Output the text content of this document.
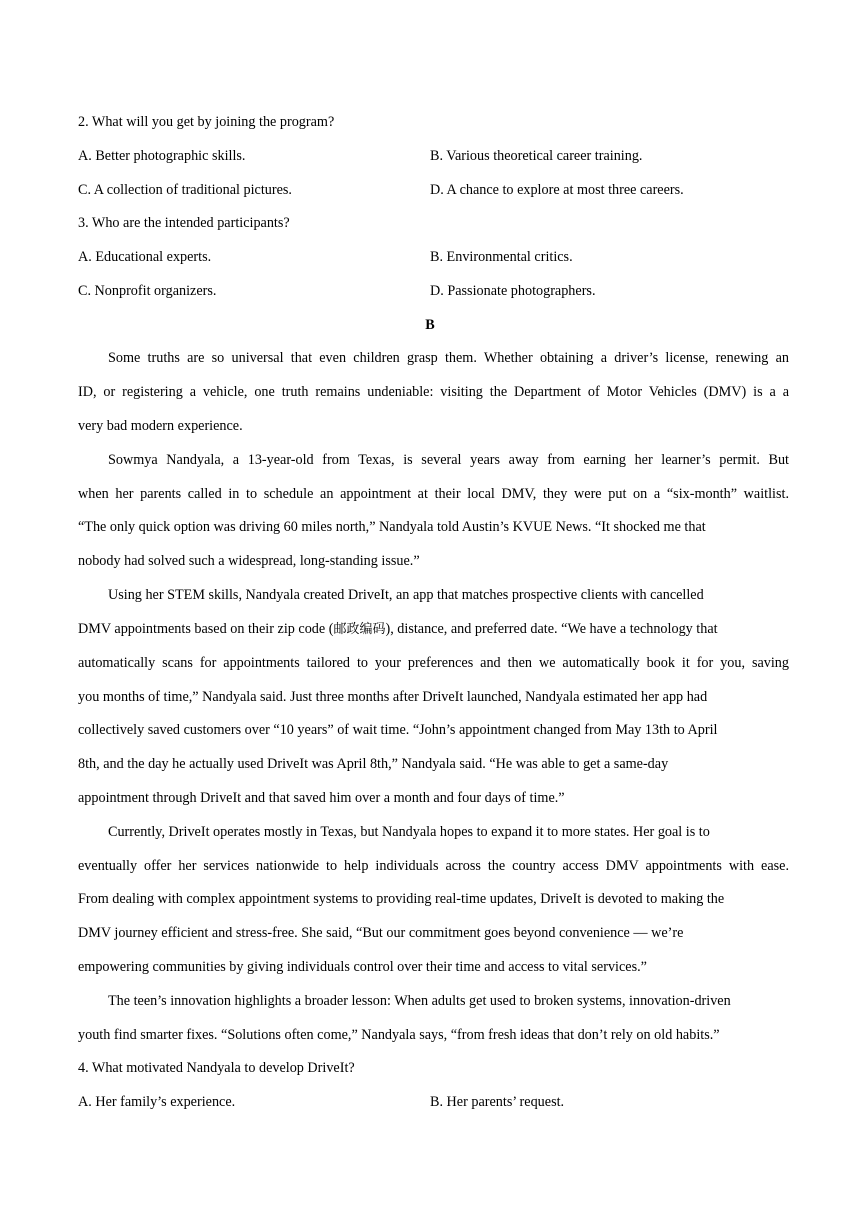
2. What will you get by joining the program?
A. Better photographic skills.	B. Various theoretical career training.
C. A collection of traditional pictures.	D. A chance to explore at most three careers.
3. Who are the intended participants?
A. Educational experts.	B. Environmental critics.
C. Nonprofit organizers.	D. Passionate photographers.
B
Some truths are so universal that even children grasp them. Whether obtaining a driver’s license, renewing an
ID, or registering a vehicle, one truth remains undeniable: visiting the Department of Motor Vehicles (DMV) is a a
very bad modern experience.
Sowmya Nandyala, a 13-year-old from Texas, is several years away from earning her learner’s permit. But
when her parents called in to schedule an appointment at their local DMV, they were put on a “six-month” waitlist.
“The only quick option was driving 60 miles north,” Nandyala told Austin’s KVUE News. “It shocked me that
nobody had solved such a widespread, long-standing issue.”
Using her STEM skills, Nandyala created DriveIt, an app that matches prospective clients with cancelled
DMV appointments based on their zip code (邮政编码), distance, and preferred date. “We have a technology that
automatically scans for appointments tailored to your preferences and then we automatically book it for you, saving
you months of time,” Nandyala said. Just three months after DriveIt launched, Nandyala estimated her app had
collectively saved customers over “10 years” of wait time. “John’s appointment changed from May 13th to April
8th, and the day he actually used DriveIt was April 8th,” Nandyala said. “He was able to get a same-day
appointment through DriveIt and that saved him over a month and four days of time.”
Currently, DriveIt operates mostly in Texas, but Nandyala hopes to expand it to more states. Her goal is to
eventually offer her services nationwide to help individuals across the country access DMV appointments with ease.
From dealing with complex appointment systems to providing real-time updates, DriveIt is devoted to making the
DMV journey efficient and stress-free. She said, “But our commitment goes beyond convenience — we’re
empowering communities by giving individuals control over their time and access to vital services.”
The teen’s innovation highlights a broader lesson: When adults get used to broken systems, innovation-driven
youth find smarter fixes. “Solutions often come,” Nandyala says, “from fresh ideas that don’t rely on old habits.”
4. What motivated Nandyala to develop DriveIt?
A. Her family’s experience.	B. Her parents’ request.
